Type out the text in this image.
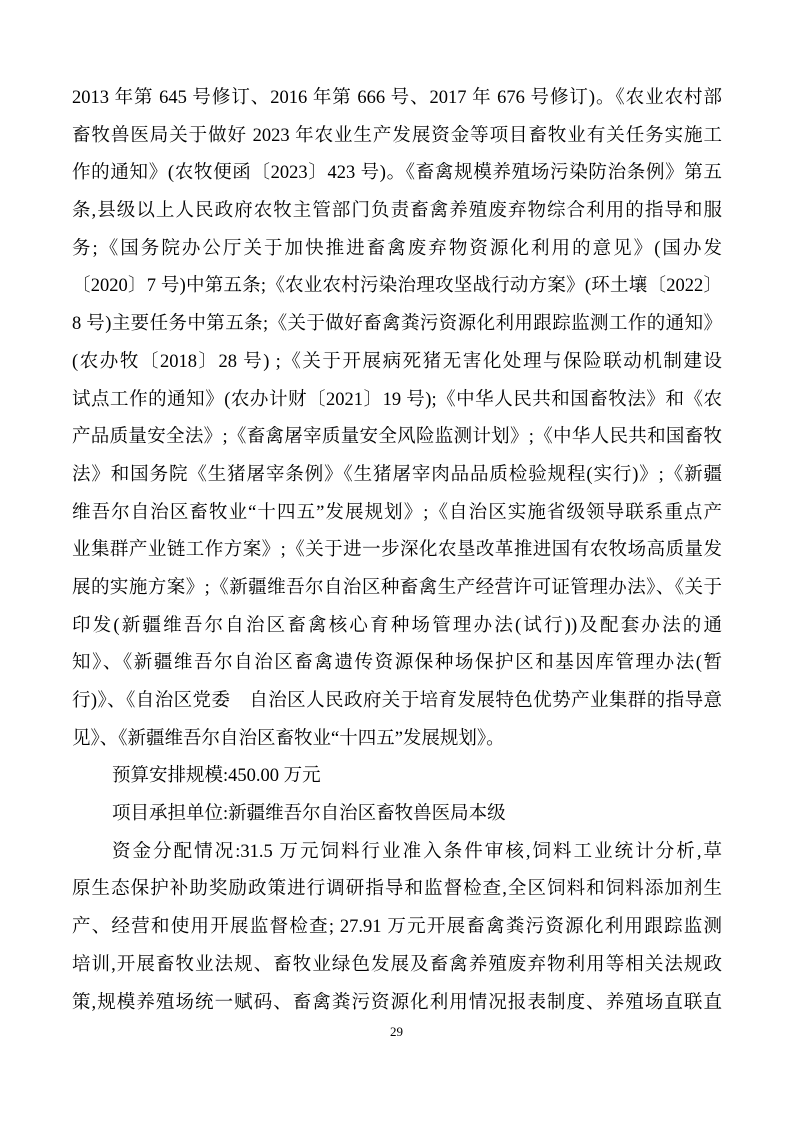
2013 年第 645 号修订、2016 年第 666 号、2017 年 676 号修订)。《农业农村部
畜牧兽医局关于做好 2023 年农业生产发展资金等项目畜牧业有关任务实施工
作的通知》(农牧便函〔2023〕423 号)。《畜禽规模养殖场污染防治条例》第五
条,县级以上人民政府农牧主管部门负责畜禽养殖废弃物综合利用的指导和服
务;《国务院办公厅关于加快推进畜禽废弃物资源化利用的意见》(国办发
〔2020〕7 号)中第五条;《农业农村污染治理攻坚战行动方案》(环土壤〔2022〕
8 号)主要任务中第五条;《关于做好畜禽粪污资源化利用跟踪监测工作的通知》
(农办牧〔2018〕28 号) ;《关于开展病死猪无害化处理与保险联动机制建设
试点工作的通知》(农办计财〔2021〕19 号);《中华人民共和国畜牧法》和《农
产品质量安全法》;《畜禽屠宰质量安全风险监测计划》;《中华人民共和国畜牧
法》和国务院《生猪屠宰条例》《生猪屠宰肉品品质检验规程(实行)》;《新疆
维吾尔自治区畜牧业“十四五”发展规划》;《自治区实施省级领导联系重点产
业集群产业链工作方案》;《关于进一步深化农垦改革推进国有农牧场高质量发
展的实施方案》;《新疆维吾尔自治区种畜禽生产经营许可证管理办法》、《关于
印发(新疆维吾尔自治区畜禽核心育种场管理办法(试行))及配套办法的通
知》、《新疆维吾尔自治区畜禽遗传资源保种场保护区和基因库管理办法(暂
行)》、《自治区党委　自治区人民政府关于培育发展特色优势产业集群的指导意
见》、《新疆维吾尔自治区畜牧业“十四五”发展规划》。
预算安排规模:450.00 万元
项目承担单位:新疆维吾尔自治区畜牧兽医局本级
资金分配情况:31.5 万元饲料行业准入条件审核,饲料工业统计分析,草
原生态保护补助奖励政策进行调研指导和监督检查,全区饲料和饲料添加剂生
产、经营和使用开展监督检查; 27.91 万元开展畜禽粪污资源化利用跟踪监测
培训,开展畜牧业法规、畜牧业绿色发展及畜禽养殖废弃物利用等相关法规政
策,规模养殖场统一赋码、畜禽粪污资源化利用情况报表制度、养殖场直联直
29
